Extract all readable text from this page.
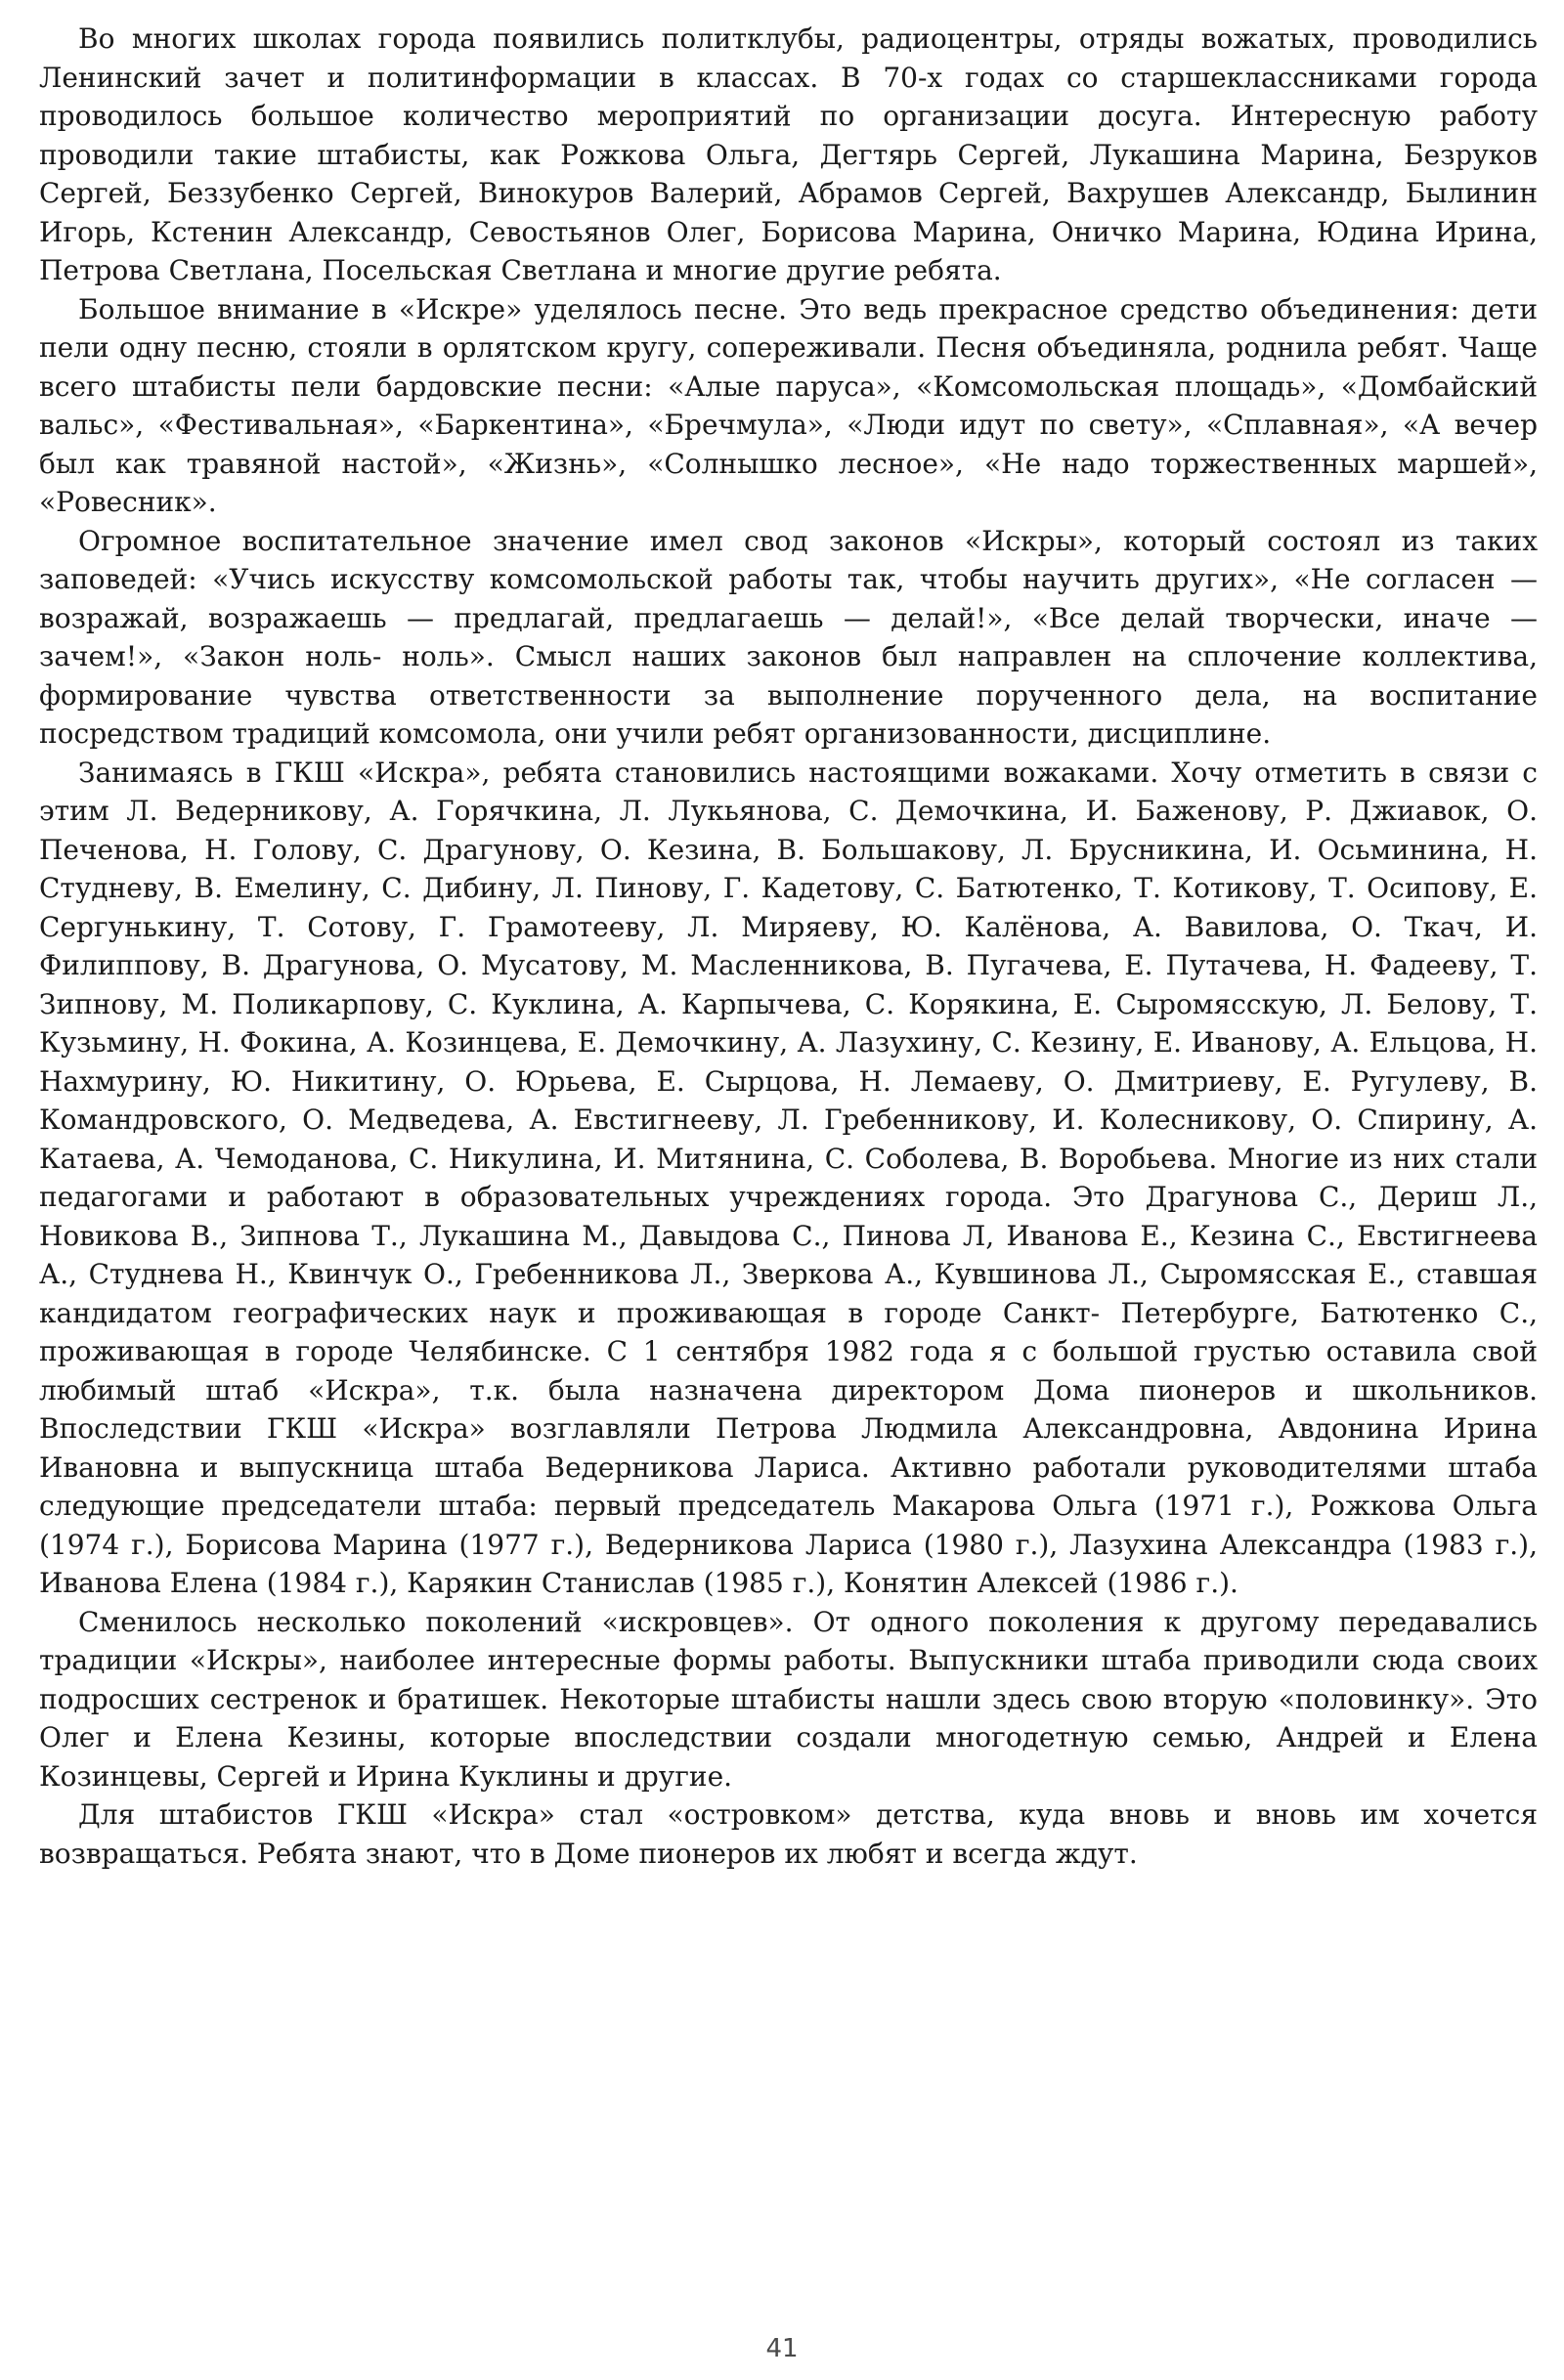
Во многих школах города появились политклубы, радиоцентры, отряды вожатых, проводились Ленинский зачет и политинформации в классах. В 70-х годах со старшеклассниками города проводилось большое количество мероприятий по организации досуга. Интересную работу проводили такие штабисты, как Рожкова Ольга, Дегтярь Сергей, Лукашина Марина, Безруков Сергей, Беззубенко Сергей, Винокуров Валерий, Абрамов Сергей, Вахрушев Александр, Былинин Игорь, Кстенин Александр, Севостьянов Олег, Борисова Марина, Оничко Марина, Юдина Ирина, Петрова Светлана, Посельская Светлана и многие другие ребята.

Большое внимание в «Искре» уделялось песне. Это ведь прекрасное средство объединения: дети пели одну песню, стояли в орлятском кругу, сопереживали. Песня объединяла, роднила ребят. Чаще всего штабисты пели бардовские песни: «Алые паруса», «Комсомольская площадь», «Домбайский вальс», «Фестивальная», «Баркентина», «Бречмула», «Люди идут по свету», «Сплавная», «А вечер был как травяной настой», «Жизнь», «Солнышко лесное», «Не надо торжественных маршей», «Ровесник».

Огромное воспитательное значение имел свод законов «Искры», который состоял из таких заповедей: «Учись искусству комсомольской работы так, чтобы научить других», «Не согласен — возражай, возражаешь — предлагай, предлагаешь — делай!», «Все делай творчески, иначе — зачем!», «Закон ноль- ноль». Смысл наших законов был направлен на сплочение коллектива, формирование чувства ответственности за выполнение порученного дела, на воспитание посредством традиций комсомола, они учили ребят организованности, дисциплине.

Занимаясь в ГКШ «Искра», ребята становились настоящими вожаками. Хочу отметить в связи с этим Л. Ведерникову, А. Горячкина, Л. Лукьянова, С. Демочкина, И. Баженову, Р. Джиавок, О. Печенова, Н. Голову, С. Драгунову, О. Кезина, В. Большакову, Л. Брусникина, И. Осьминина, Н. Студневу, В. Емелину, С. Дибину, Л. Пинову, Г. Кадетову, С. Батютенко, Т. Котикову, Т. Осипову, Е. Сергунькину, Т. Сотову, Г. Грамотееву, Л. Миряеву, Ю. Калёнова, А. Вавилова, О. Ткач, И. Филиппову, В. Драгунова, О. Мусатову, М. Масленникова, В. Пугачева, Е. Путачева, Н. Фадееву, Т. Зипнову, М. Поликарпову, С. Куклина, А. Карпычева, С. Корякина, Е. Сыромясскую, Л. Белову, Т. Кузьмину, Н. Фокина, А. Козинцева, Е. Демочкину, А. Лазухину, С. Кезину, Е. Иванову, А. Ельцова, Н. Нахмурину, Ю. Никитину, О. Юрьева, Е. Сырцова, Н. Лемаеву, О. Дмитриеву, Е. Ругулеву, В. Командровского, О. Медведева, А. Евстигнееву, Л. Гребенникову, И. Колесникову, О. Спирину, А. Катаева, А. Чемоданова, С. Никулина, И. Митянина, С. Соболева, В. Воробьева. Многие из них стали педагогами и работают в образовательных учреждениях города. Это Драгунова С., Дериш Л., Новикова В., Зипнова Т., Лукашина М., Давыдова С., Пинова Л, Иванова Е., Кезина С., Евстигнеева А., Студнева Н., Квинчук О., Гребенникова Л., Зверкова А., Кувшинова Л., Сыромясская Е., ставшая кандидатом географических наук и проживающая в городе Санкт- Петербурге, Батютенко С., проживающая в городе Челябинске. С 1 сентября 1982 года я с большой грустью оставила свой любимый штаб «Искра», т.к. была назначена директором Дома пионеров и школьников. Впоследствии ГКШ «Искра» возглавляли Петрова Людмила Александровна, Авдонина Ирина Ивановна и выпускница штаба Ведерникова Лариса. Активно работали руководителями штаба следующие председатели штаба: первый председатель Макарова Ольга (1971 г.), Рожкова Ольга (1974 г.), Борисова Марина (1977 г.), Ведерникова Лариса (1980 г.), Лазухина Александра (1983 г.), Иванова Елена (1984 г.), Карякин Станислав (1985 г.), Конятин Алексей (1986 г.).

Сменилось несколько поколений «искровцев». От одного поколения к другому передавались традиции «Искры», наиболее интересные формы работы. Выпускники штаба приводили сюда своих подросших сестренок и братишек. Некоторые штабисты нашли здесь свою вторую «половинку». Это Олег и Елена Кезины, которые впоследствии создали многодетную семью, Андрей и Елена Козинцевы, Сергей и Ирина Куклины и другие.

Для штабистов ГКШ «Искра» стал «островком» детства, куда вновь и вновь им хочется возвращаться. Ребята знают, что в Доме пионеров их любят и всегда ждут.

41
